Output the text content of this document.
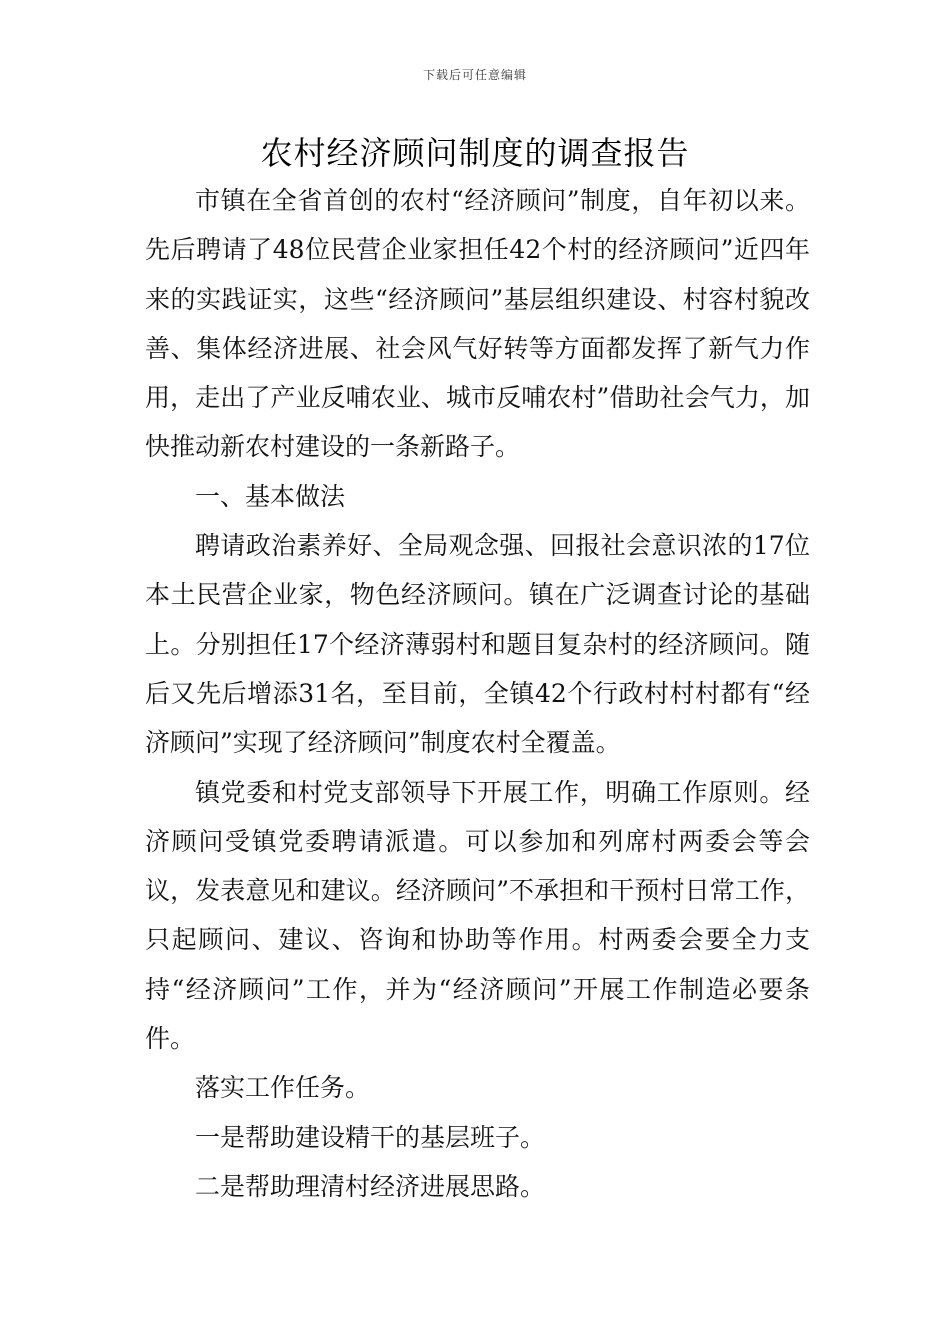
下载后可任意编辑
农村经济顾问制度的调查报告

市镇在全省首创的农村“经济顾问”制度，自年初以来。先后聘请了48位民营企业家担任42个村的经济顾问”近四年来的实践证实，这些“经济顾问”基层组织建设、村容村貌改善、集体经济进展、社会风气好转等方面都发挥了新气力作用，走出了产业反哺农业、城市反哺农村”借助社会气力，加快推动新农村建设的一条新路子。

一、基本做法

聘请政治素养好、全局观念强、回报社会意识浓的17位本土民营企业家，物色经济顾问。镇在广泛调查讨论的基础上。分别担任17个经济薄弱村和题目复杂村的经济顾问。随后又先后增添31名，至目前，全镇42个行政村村村都有“经济顾问”实现了经济顾问”制度农村全覆盖。

镇党委和村党支部领导下开展工作，明确工作原则。经济顾问受镇党委聘请派遣。可以参加和列席村两委会等会议，发表意见和建议。经济顾问”不承担和干预村日常工作，只起顾问、建议、咨询和协助等作用。村两委会要全力支持“经济顾问”工作，并为“经济顾问”开展工作制造必要条件。

落实工作任务。

一是帮助建设精干的基层班子。

二是帮助理清村经济进展思路。
